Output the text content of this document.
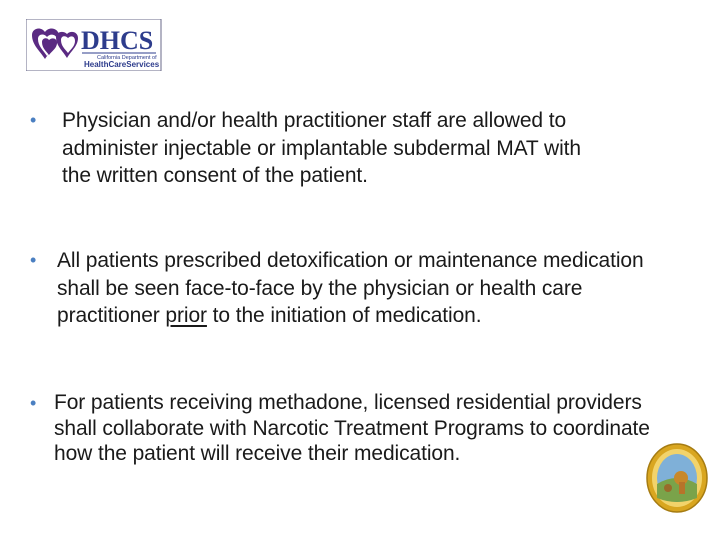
DHCS
California Department of
HealthCareServices
• Physician and/or health practitioner staff are allowed to administer injectable or implantable subdermal MAT with the written consent of the patient.

• All patients prescribed detoxification or maintenance medication shall be seen face-to-face by the physician or health care practitioner prior to the initiation of medication.

• For patients receiving methadone, licensed residential providers shall collaborate with Narcotic Treatment Programs to coordinate how the patient will receive their medication.
